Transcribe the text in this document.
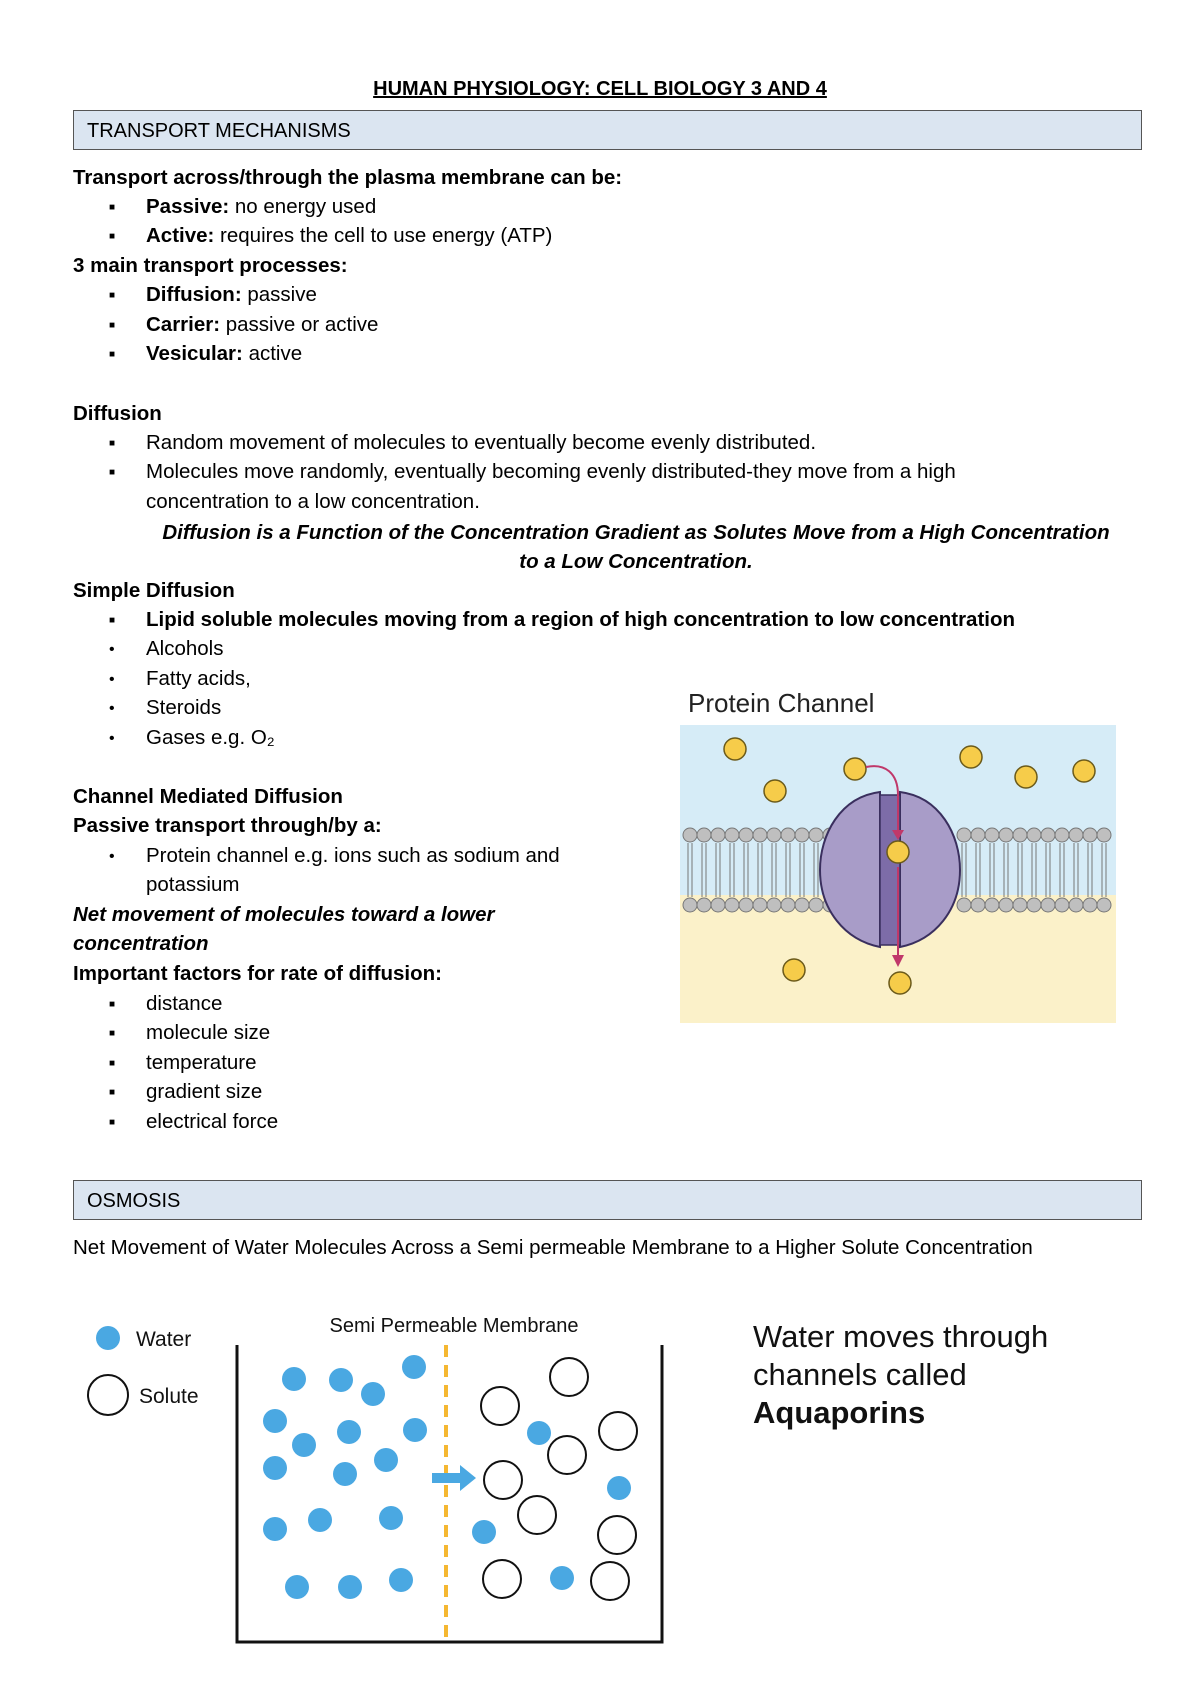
HUMAN PHYSIOLOGY: CELL BIOLOGY 3 AND 4
TRANSPORT MECHANISMS
Transport across/through the plasma membrane can be:
■
Passive: no energy used
■
Active: requires the cell to use energy (ATP)
3 main transport processes:
■
Diffusion: passive
■
Carrier: passive or active
■
Vesicular: active
Diffusion
■
Random movement of molecules to eventually become evenly distributed.
■
Molecules move randomly, eventually becoming evenly distributed-they move from a high
concentration to a low concentration.
Diffusion is a Function of the Concentration Gradient as Solutes Move from a High Concentration
to a Low Concentration.
Simple Diffusion
■
Lipid soluble molecules moving from a region of high concentration to low concentration
•
Alcohols
•
Fatty acids,
•
Steroids
•
Gases e.g. O₂
Channel Mediated Diffusion
Passive transport through/by a:
•
Protein channel e.g. ions such as sodium and
potassium
Net movement of molecules toward a lower
concentration
Important factors for rate of diffusion:
■
distance
■
molecule size
■
temperature
■
gradient size
■
electrical force
Protein Channel
OSMOSIS
Net Movement of Water Molecules Across a Semi permeable Membrane to a Higher Solute Concentration
Water
Solute
Semi Permeable Membrane	Water moves through
channels called
Aquaporins
